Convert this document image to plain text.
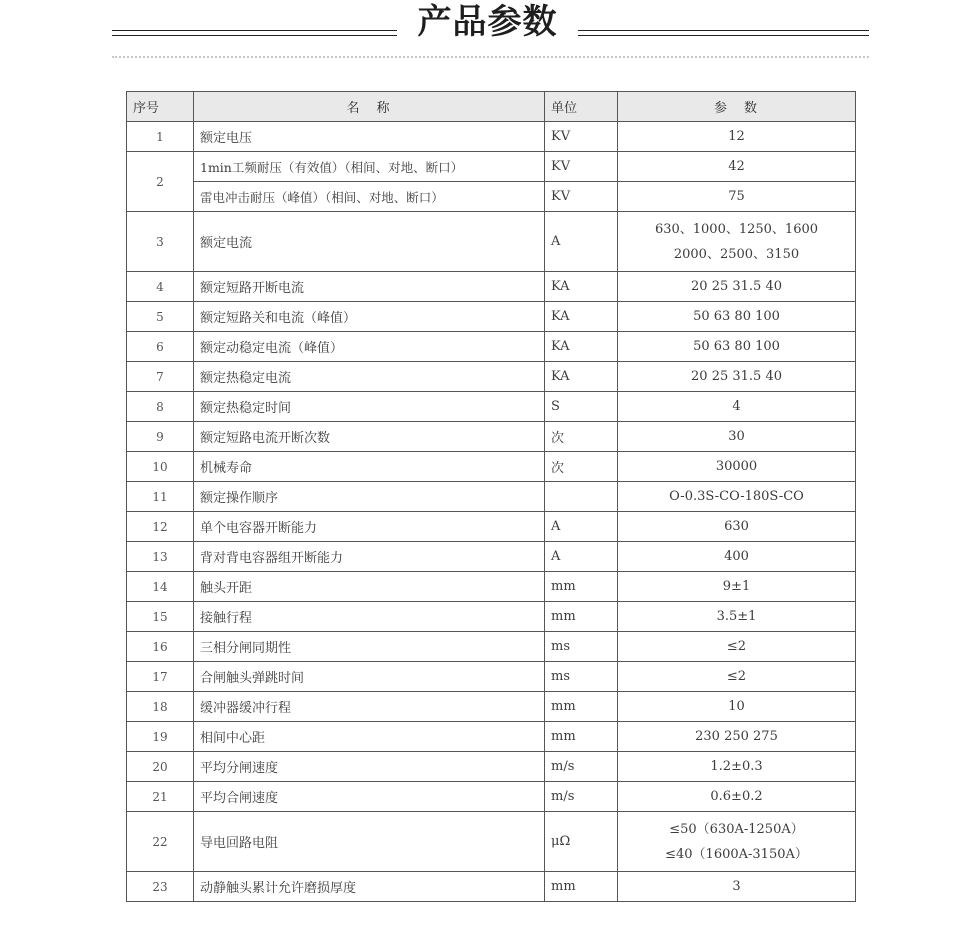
产品参数
序号	名　称	单位	参　数
1	额定电压	KV	12
2	1min工频耐压（有效值）（相间、对地、断口）	KV	42
	雷电冲击耐压（峰值）（相间、对地、断口）	KV	75
3	额定电流	A	630、1000、1250、1600
2000、2500、3150

4	额定短路开断电流	KA	20 25 31.5 40
5	额定短路关和电流（峰值）	KA	50 63 80 100
6	额定动稳定电流（峰值）	KA	50 63 80 100
7	额定热稳定电流	KA	20 25 31.5 40
8	额定热稳定时间	S	4
9	额定短路电流开断次数	次	30
10	机械寿命	次	30000
11	额定操作顺序		O-0.3S-CO-180S-CO
12	单个电容器开断能力	A	630
13	背对背电容器组开断能力	A	400
14	触头开距	mm	9±1
15	接触行程	mm	3.5±1
16	三相分闸同期性	ms	≤2
17	合闸触头弹跳时间	ms	≤2
18	缓冲器缓冲行程	mm	10
19	相间中心距	mm	230 250 275
20	平均分闸速度	m/s	1.2±0.3
21	平均合闸速度	m/s	0.6±0.2
22	导电回路电阻	μΩ	≤50（630A-1250A）
≤40（1600A-3150A）

23	动静触头累计允许磨损厚度	mm	3
